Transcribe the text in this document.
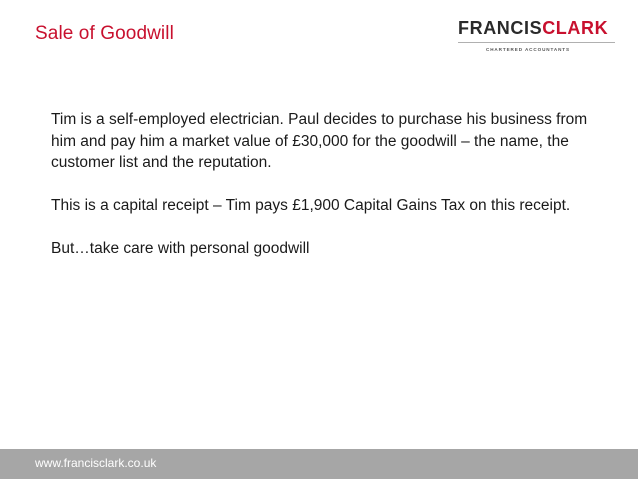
Sale of Goodwill	FRANCISCLARK
CHARTERED ACCOUNTANTS

Tim is a self-employed electrician. Paul decides to purchase his business from him and pay him a market value of £30,000 for the goodwill – the name, the customer list and the reputation.

This is a capital receipt – Tim pays £1,900 Capital Gains Tax on this receipt.

But…take care with personal goodwill

www.francisclark.co.uk
